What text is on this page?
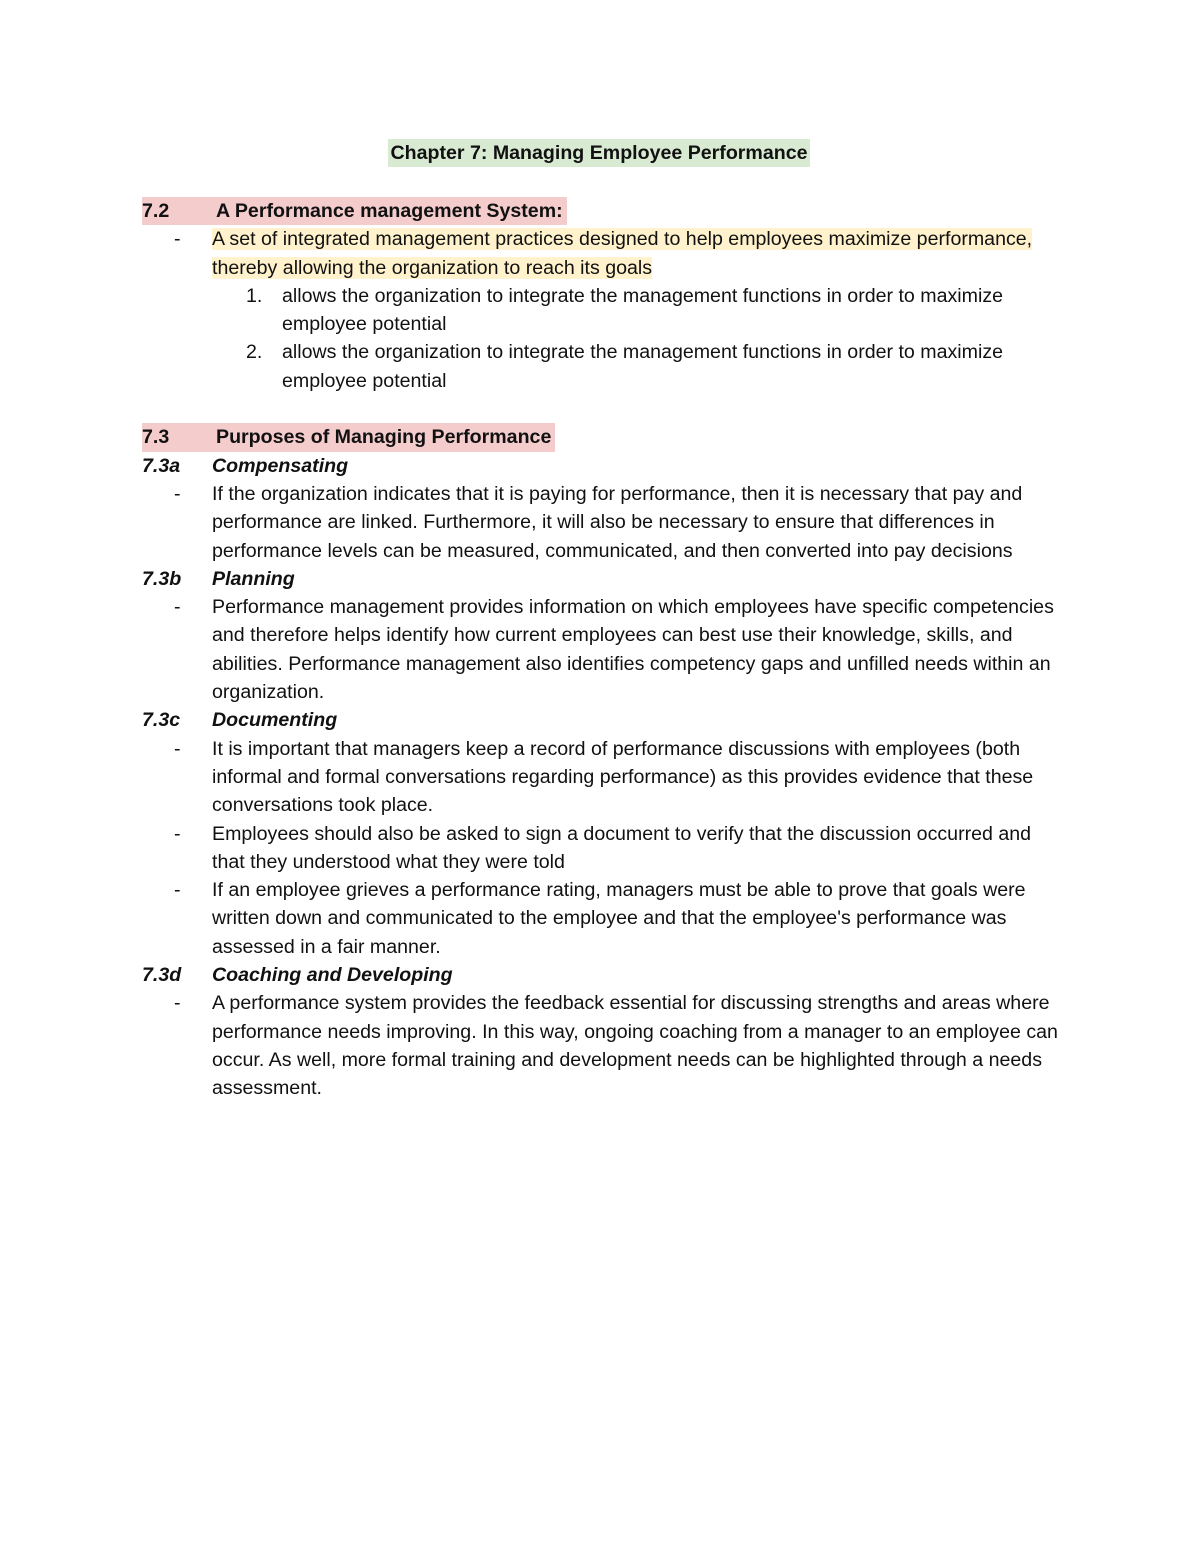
Chapter 7: Managing Employee Performance
7.2	A Performance management System:
-	A set of integrated management practices designed to help employees maximize performance, thereby allowing the organization to reach its goals
1.	allows the organization to integrate the management functions in order to maximize employee potential
2.	allows the organization to integrate the management functions in order to maximize employee potential
7.3	Purposes of Managing Performance
7.3a	Compensating
-	If the organization indicates that it is paying for performance, then it is necessary that pay and performance are linked. Furthermore, it will also be necessary to ensure that differences in performance levels can be measured, communicated, and then converted into pay decisions
7.3b	Planning
-	Performance management provides information on which employees have specific competencies and therefore helps identify how current employees can best use their knowledge, skills, and abilities. Performance management also identifies competency gaps and unfilled needs within an organization.
7.3c	Documenting
-	It is important that managers keep a record of performance discussions with employees (both informal and formal conversations regarding performance) as this provides evidence that these conversations took place.
-	Employees should also be asked to sign a document to verify that the discussion occurred and that they understood what they were told
-	If an employee grieves a performance rating, managers must be able to prove that goals were written down and communicated to the employee and that the employee's performance was assessed in a fair manner.
7.3d	Coaching and Developing
-	A performance system provides the feedback essential for discussing strengths and areas where performance needs improving. In this way, ongoing coaching from a manager to an employee can occur. As well, more formal training and development needs can be highlighted through a needs assessment.
